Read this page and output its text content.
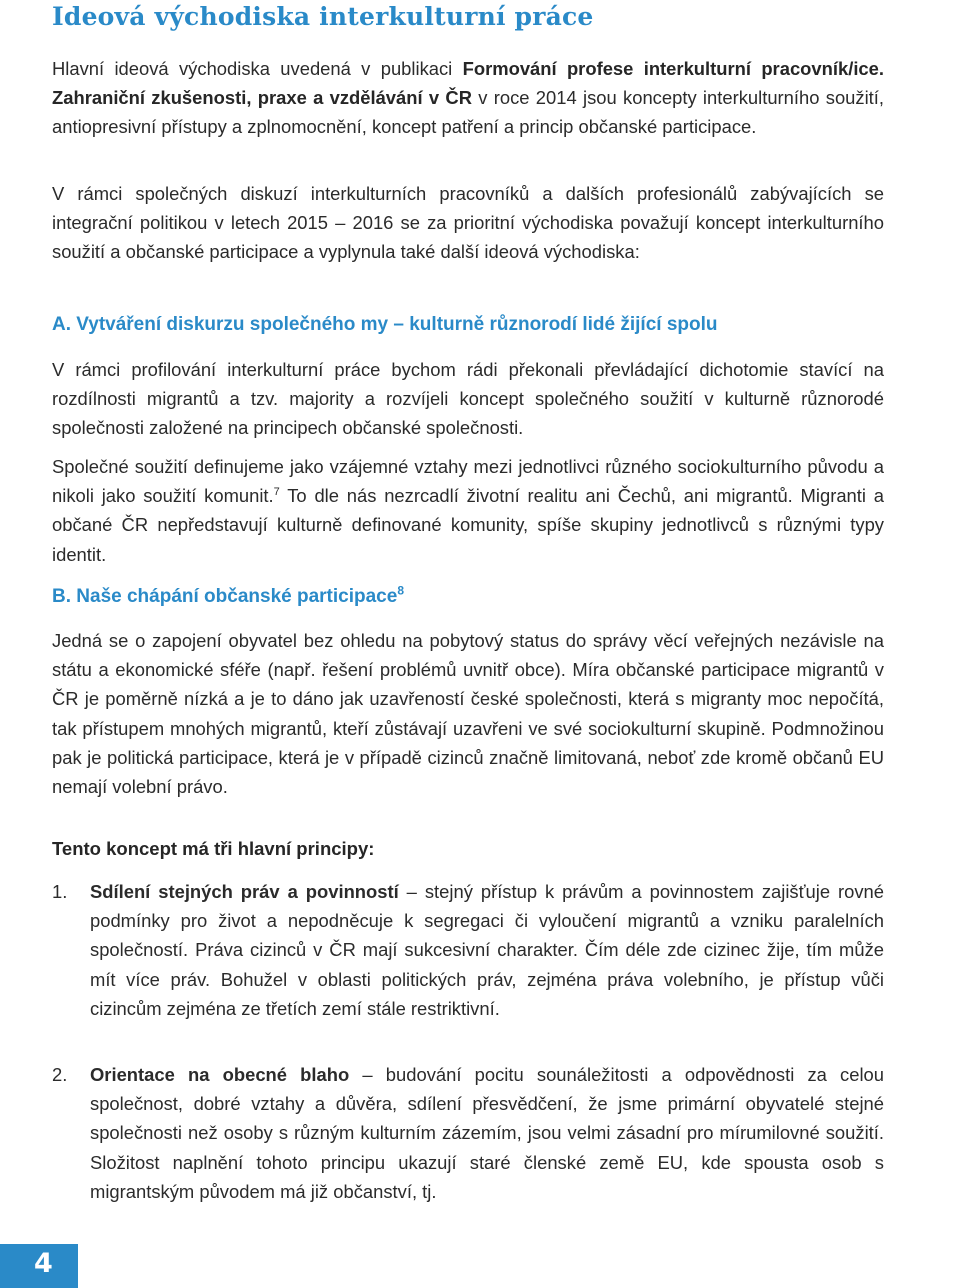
Ideová východiska interkulturní práce

Hlavní ideová východiska uvedená v publikaci Formování profese interkulturní pracovník/ice. Zahraniční zkušenosti, praxe a vzdělávání v ČR v roce 2014 jsou koncepty interkulturního soužití, antiopresivní přístupy a zplnomocnění, koncept patření a princip občanské participace.

V rámci společných diskuzí interkulturních pracovníků a dalších profesionálů zabývajících se integrační politikou v letech 2015 – 2016 se za prioritní východiska považují koncept interkulturního soužití a občanské participace a vyplynula také další ideová východiska:

A. Vytváření diskurzu společného my – kulturně různorodí lidé žijící spolu

V rámci profilování interkulturní práce bychom rádi překonali převládající dichotomie stavící na rozdílnosti migrantů a tzv. majority a rozvíjeli koncept společného soužití v kulturně různorodé společnosti založené na principech občanské společnosti.

Společné soužití definujeme jako vzájemné vztahy mezi jednotlivci různého sociokulturního původu a nikoli jako soužití komunit.$^7$ To dle nás nezrcadlí životní realitu ani Čechů, ani migrantů. Migranti a občané ČR nepředstavují kulturně definované komunity, spíše skupiny jednotlivců s různými typy identit.

B. Naše chápání občanské participace$^8$

Jedná se o zapojení obyvatel bez ohledu na pobytový status do správy věcí veřejných nezávisle na státu a ekonomické sféře (např. řešení problémů uvnitř obce). Míra občanské participace migrantů v ČR je poměrně nízká a je to dáno jak uzavřeností české společnosti, která s migranty moc nepočítá, tak přístupem mnohých migrantů, kteří zůstávají uzavřeni ve své sociokulturní skupině. Podmnožinou pak je politická participace, která je v případě cizinců značně limitovaná, neboť zde kromě občanů EU nemají volební právo.

Tento koncept má tři hlavní principy:

1. Sdílení stejných práv a povinností – stejný přístup k právům a povinnostem zajišťuje rovné podmínky pro život a nepodněcuje k segregaci či vyloučení migrantů a vzniku paralelních společností. Práva cizinců v ČR mají sukcesivní charakter. Čím déle zde cizinec žije, tím může mít více práv. Bohužel v oblasti politických práv, zejména práva volebního, je přístup vůči cizincům zejména ze třetích zemí stále restriktivní.
2. Orientace na obecné blaho – budování pocitu sounáležitosti a odpovědnosti za celou společnost, dobré vztahy a důvěra, sdílení přesvědčení, že jsme primární obyvatelé stejné společnosti než osoby s různým kulturním zázemím, jsou velmi zásadní pro mírumilovné soužití. Složitost naplnění tohoto principu ukazují staré členské země EU, kde spousta osob s migrantským původem má již občanství, tj.
4
